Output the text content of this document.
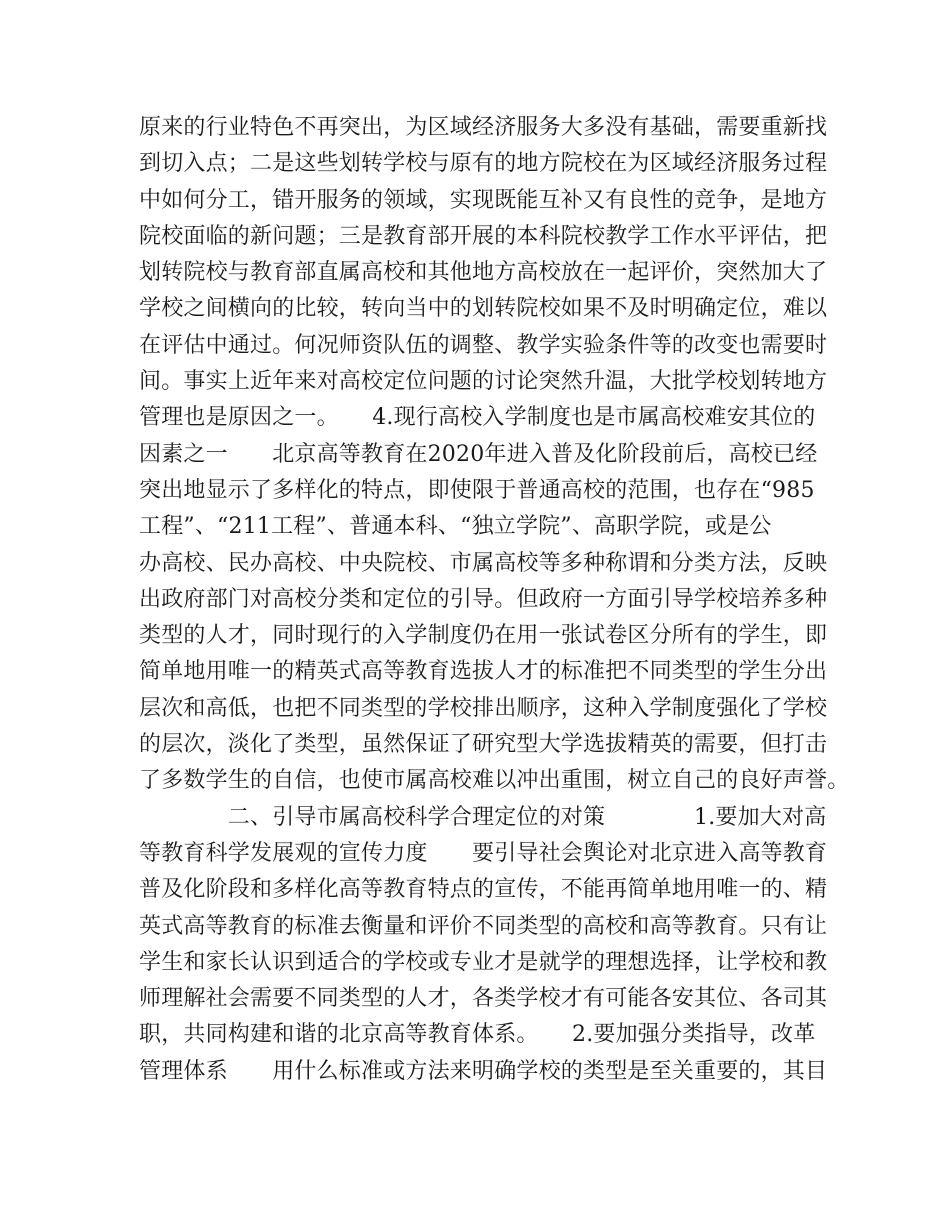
原来的行业特色不再突出，为区域经济服务大多没有基础，需要重新找
到切入点；二是这些划转学校与原有的地方院校在为区域经济服务过程
中如何分工，错开服务的领域，实现既能互补又有良性的竞争，是地方
院校面临的新问题；三是教育部开展的本科院校教学工作水平评估，把
划转院校与教育部直属高校和其他地方高校放在一起评价，突然加大了
学校之间横向的比较，转向当中的划转院校如果不及时明确定位，难以
在评估中通过。何况师资队伍的调整、教学实验条件等的改变也需要时
间。事实上近年来对高校定位问题的讨论突然升温，大批学校划转地方
管理也是原因之一。　　4.现行高校入学制度也是市属高校难安其位的
因素之一　　北京高等教育在2020年进入普及化阶段前后，高校已经
突出地显示了多样化的特点，即使限于普通高校的范围，也存在“985
工程”、“211工程”、普通本科、“独立学院”、高职学院，或是公
办高校、民办高校、中央院校、市属高校等多种称谓和分类方法，反映
出政府部门对高校分类和定位的引导。但政府一方面引导学校培养多种
类型的人才，同时现行的入学制度仍在用一张试卷区分所有的学生，即
简单地用唯一的精英式高等教育选拔人才的标准把不同类型的学生分出
层次和高低，也把不同类型的学校排出顺序，这种入学制度强化了学校
的层次，淡化了类型，虽然保证了研究型大学选拔精英的需要，但打击
了多数学生的自信，也使市属高校难以冲出重围，树立自己的良好声誉。
　　　　二、引导市属高校科学合理定位的对策　　　　1.要加大对高
等教育科学发展观的宣传力度　　要引导社会舆论对北京进入高等教育
普及化阶段和多样化高等教育特点的宣传，不能再简单地用唯一的、精
英式高等教育的标准去衡量和评价不同类型的高校和高等教育。只有让
学生和家长认识到适合的学校或专业才是就学的理想选择，让学校和教
师理解社会需要不同类型的人才，各类学校才有可能各安其位、各司其
职，共同构建和谐的北京高等教育体系。　　2.要加强分类指导，改革
管理体系　　用什么标准或方法来明确学校的类型是至关重要的，其目
